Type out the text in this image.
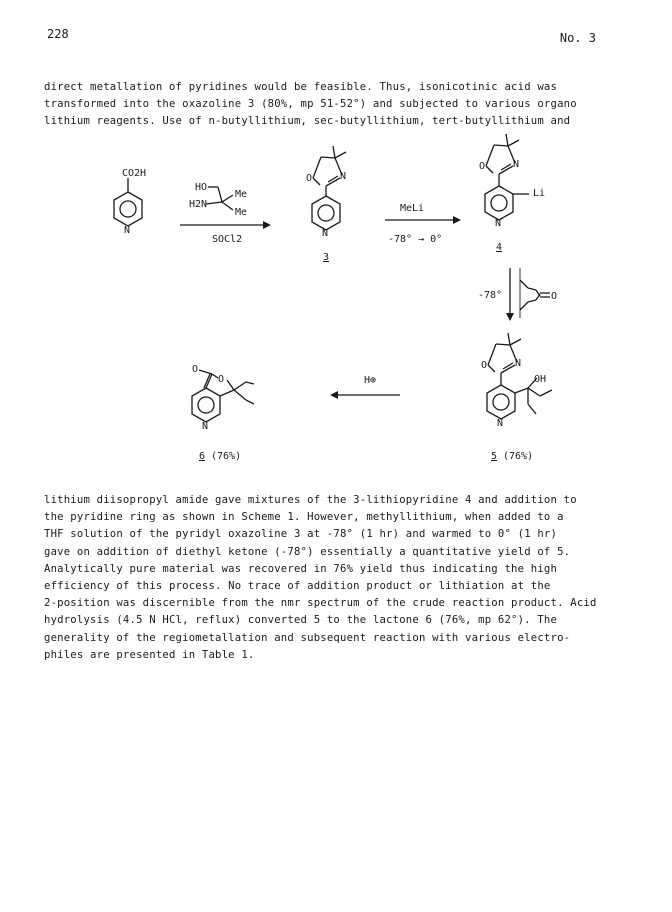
228	No. 3
direct metallation of pyridines would be feasible. Thus, isonicotinic acid was
transformed into the oxazoline 3 (80%, mp 51-52°) and subjected to various organo
lithium reagents. Use of n-butyllithium, sec-butyllithium, tert-butyllithium and
CO2H
N
HO
H2N
Me
Me
SOCl2
O	N
N
3
MeLi
-78° → 0°
O	N
Li
N
4
-78°	O
H⊕
O	N
OH
N
5 (76%)
O
O
N
6 (76%)
lithium diisopropyl amide gave mixtures of the 3-lithiopyridine 4 and addition to
the pyridine ring as shown in Scheme 1. However, methyllithium, when added to a
THF solution of the pyridyl oxazoline 3 at -78° (1 hr) and warmed to 0° (1 hr)
gave on addition of diethyl ketone (-78°) essentially a quantitative yield of 5.
Analytically pure material was recovered in 76% yield thus indicating the high
efficiency of this process. No trace of addition product or lithiation at the
2-position was discernible from the nmr spectrum of the crude reaction product. Acid
hydrolysis (4.5 N HCl, reflux) converted 5 to the lactone 6 (76%, mp 62°). The
generality of the regiometallation and subsequent reaction with various electro-
philes are presented in Table 1.
